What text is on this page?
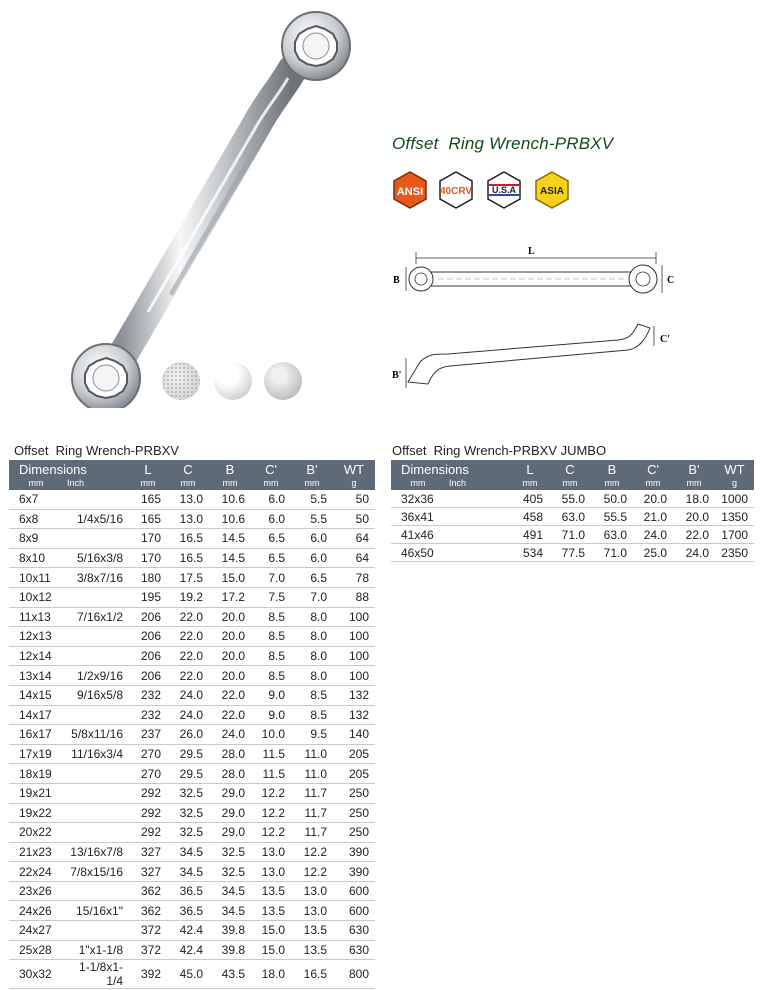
Offset  Ring Wrench-PRBXV
ANSI 40CRV U.S.A ASIA
L
B	C
B'
C'
Offset  Ring Wrench-PRBXV
Dimensions		L	C	B	C'	B'	WT
mm	Inch	mm	mm	mm	mm	mm	g
6x7		165	13.0	10.6	6.0	5.5	50
6x8	1/4x5/16	165	13.0	10.6	6.0	5.5	50
8x9		170	16.5	14.5	6.5	6.0	64
8x10	5/16x3/8	170	16.5	14.5	6.5	6.0	64
10x11	3/8x7/16	180	17.5	15.0	7.0	6.5	78
10x12		195	19.2	17.2	7.5	7.0	88
11x13	7/16x1/2	206	22.0	20.0	8.5	8.0	100
12x13		206	22.0	20.0	8.5	8.0	100
12x14		206	22.0	20.0	8.5	8.0	100
13x14	1/2x9/16	206	22.0	20.0	8.5	8.0	100
14x15	9/16x5/8	232	24.0	22.0	9.0	8.5	132
14x17		232	24.0	22.0	9.0	8.5	132
16x17	5/8x11/16	237	26.0	24.0	10.0	9.5	140
17x19	11/16x3/4	270	29.5	28.0	11.5	11.0	205
18x19		270	29.5	28.0	11.5	11.0	205
19x21		292	32.5	29.0	12.2	11.7	250
19x22		292	32.5	29.0	12.2	11.7	250
20x22		292	32.5	29.0	12.2	11.7	250
21x23	13/16x7/8	327	34.5	32.5	13.0	12.2	390
22x24	7/8x15/16	327	34.5	32.5	13.0	12.2	390
23x26		362	36.5	34.5	13.5	13.0	600
24x26	15/16x1"	362	36.5	34.5	13.5	13.0	600
24x27		372	42.4	39.8	15.0	13.5	630
25x28	1"x1-1/8	372	42.4	39.8	15.0	13.5	630
30x32	1-1/8x1-1/4	392	45.0	43.5	18.0	16.5	800
Offset  Ring Wrench-PRBXV JUMBO
Dimensions		L	C	B	C'	B'	WT
mm	Inch	mm	mm	mm	mm	mm	g
32x36		405	55.0	50.0	20.0	18.0	1000
36x41		458	63.0	55.5	21.0	20.0	1350
41x46		491	71.0	63.0	24.0	22.0	1700
46x50		534	77.5	71.0	25.0	24.0	2350
